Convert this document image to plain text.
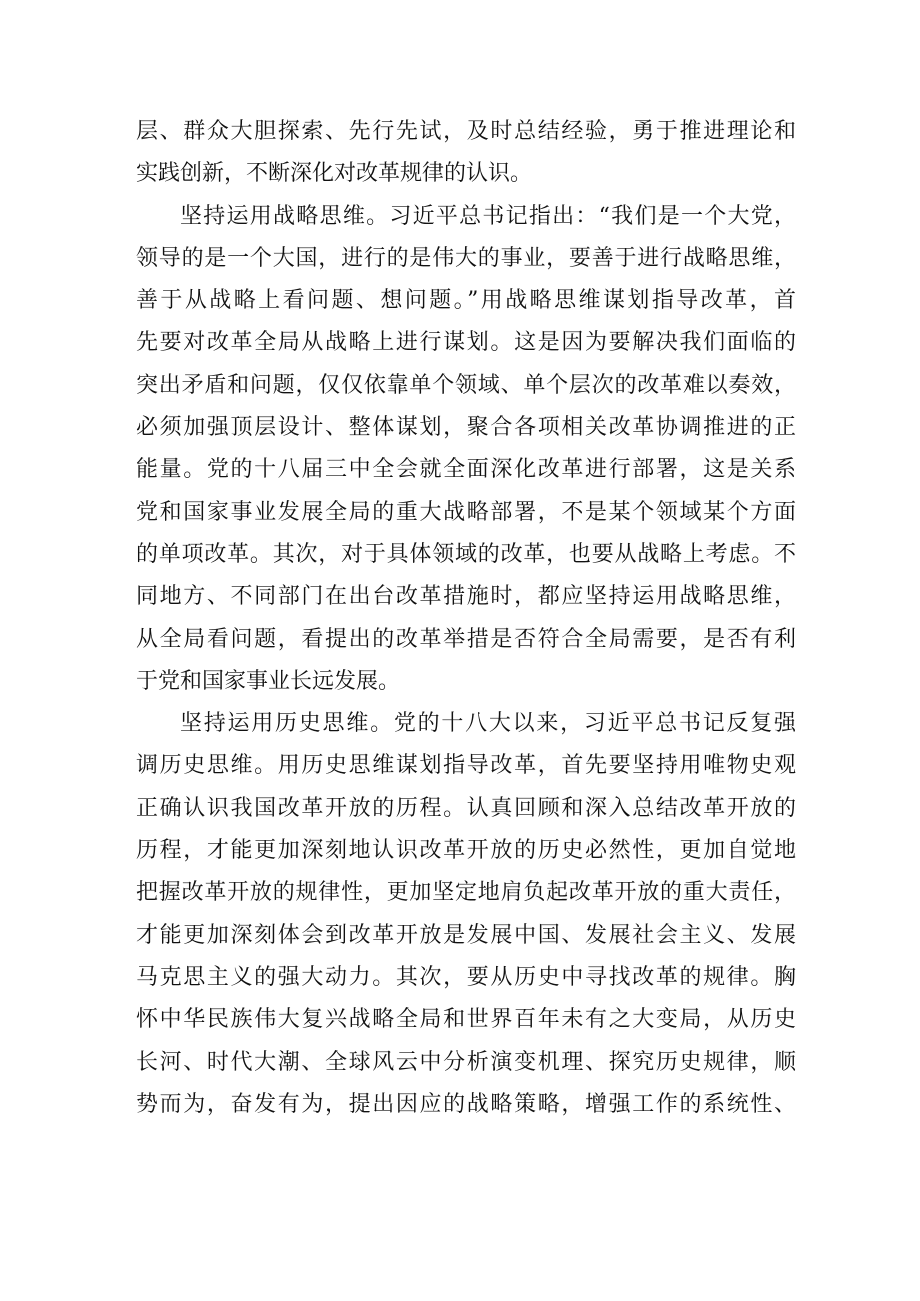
层、群众大胆探索、先行先试，及时总结经验，勇于推进理论和
实践创新，不断深化对改革规律的认识。
坚持运用战略思维。习近平总书记指出：“我们是一个大党，
领导的是一个大国，进行的是伟大的事业，要善于进行战略思维，
善于从战略上看问题、想问题。”用战略思维谋划指导改革，首
先要对改革全局从战略上进行谋划。这是因为要解决我们面临的
突出矛盾和问题，仅仅依靠单个领域、单个层次的改革难以奏效，
必须加强顶层设计、整体谋划，聚合各项相关改革协调推进的正
能量。党的十八届三中全会就全面深化改革进行部署，这是关系
党和国家事业发展全局的重大战略部署，不是某个领域某个方面
的单项改革。其次，对于具体领域的改革，也要从战略上考虑。不
同地方、不同部门在出台改革措施时，都应坚持运用战略思维，
从全局看问题，看提出的改革举措是否符合全局需要，是否有利
于党和国家事业长远发展。
坚持运用历史思维。党的十八大以来，习近平总书记反复强
调历史思维。用历史思维谋划指导改革，首先要坚持用唯物史观
正确认识我国改革开放的历程。认真回顾和深入总结改革开放的
历程，才能更加深刻地认识改革开放的历史必然性，更加自觉地
把握改革开放的规律性，更加坚定地肩负起改革开放的重大责任，
才能更加深刻体会到改革开放是发展中国、发展社会主义、发展
马克思主义的强大动力。其次，要从历史中寻找改革的规律。胸
怀中华民族伟大复兴战略全局和世界百年未有之大变局，从历史
长河、时代大潮、全球风云中分析演变机理、探究历史规律，顺
势而为，奋发有为，提出因应的战略策略，增强工作的系统性、
